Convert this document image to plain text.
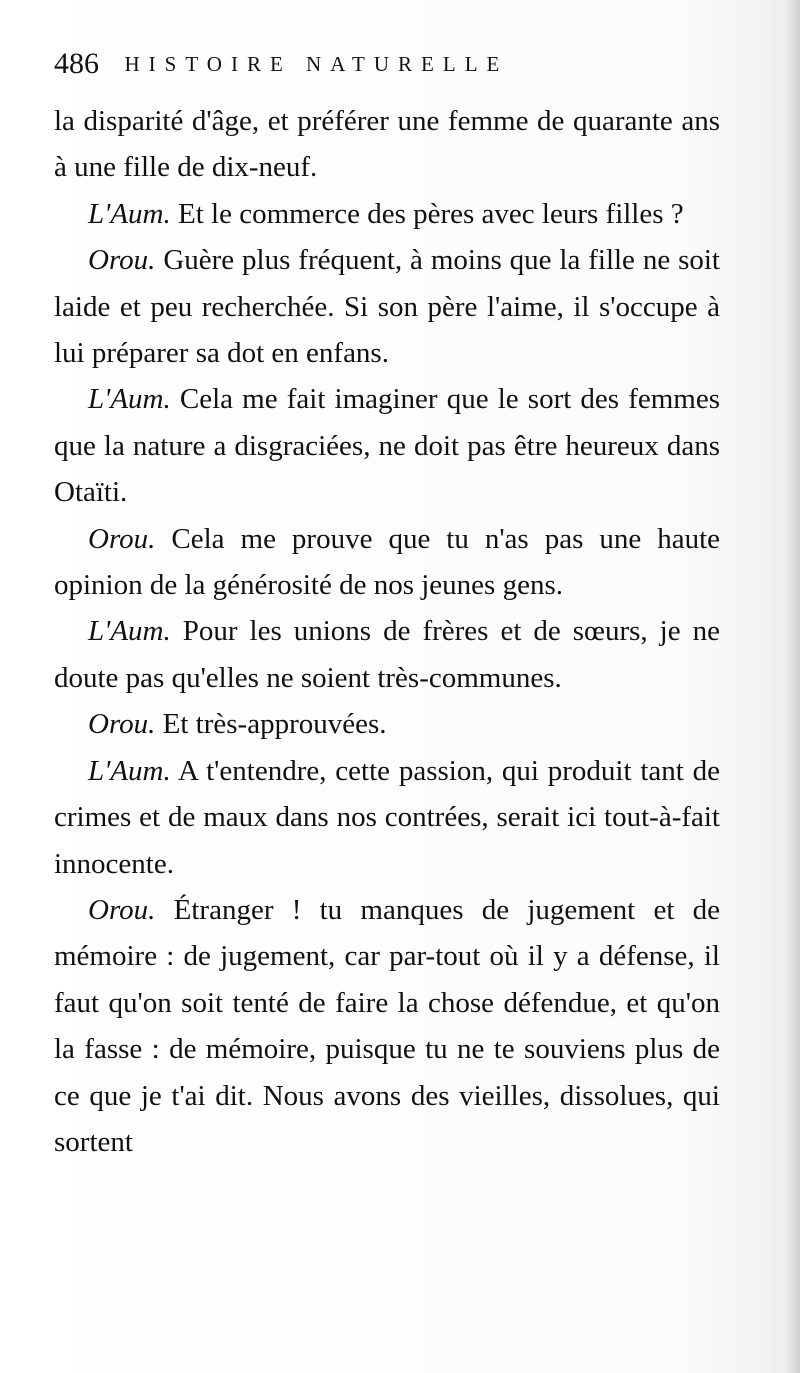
486 HISTOIRE NATURELLE

la disparité d'âge, et préférer une femme de quarante ans à une fille de dix-neuf.

L'Aum. Et le commerce des pères avec leurs filles ?

Orou. Guère plus fréquent, à moins que la fille ne soit laide et peu recherchée. Si son père l'aime, il s'occupe à lui préparer sa dot en enfans.

L'Aum. Cela me fait imaginer que le sort des femmes que la nature a disgraciées, ne doit pas être heureux dans Otaïti.

Orou. Cela me prouve que tu n'as pas une haute opinion de la générosité de nos jeunes gens.

L'Aum. Pour les unions de frères et de sœurs, je ne doute pas qu'elles ne soient très-communes.

Orou. Et très-approuvées.

L'Aum. A t'entendre, cette passion, qui produit tant de crimes et de maux dans nos contrées, serait ici tout-à-fait innocente.

Orou. Étranger ! tu manques de jugement et de mémoire : de jugement, car par-tout où il y a défense, il faut qu'on soit tenté de faire la chose défendue, et qu'on la fasse : de mémoire, puisque tu ne te souviens plus de ce que je t'ai dit. Nous avons des vieilles, dissolues, qui sortent
